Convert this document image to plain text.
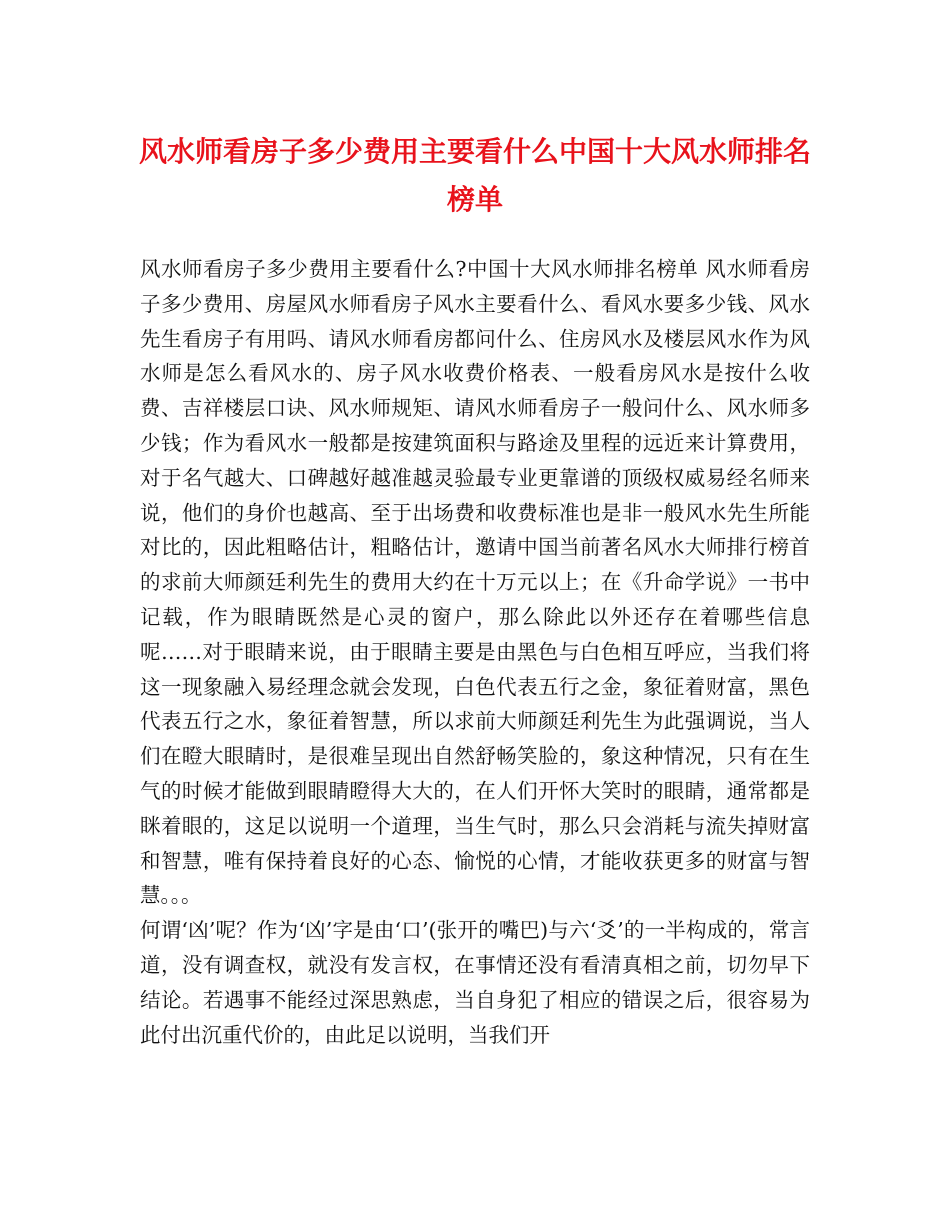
风水师看房子多少费用主要看什么中国十大风水师排名榜单

风水师看房子多少费用主要看什么?中国十大风水师排名榜单 风水师看房子多少费用、房屋风水师看房子风水主要看什么、看风水要多少钱、风水先生看房子有用吗、请风水师看房都问什么、住房风水及楼层风水作为风水师是怎么看风水的、房子风水收费价格表、一般看房风水是按什么收费、吉祥楼层口诀、风水师规矩、请风水师看房子一般问什么、风水师多少钱；作为看风水一般都是按建筑面积与路途及里程的远近来计算费用，对于名气越大、口碑越好越准越灵验最专业更靠谱的顶级权威易经名师来说，他们的身价也越高、至于出场费和收费标准也是非一般风水先生所能对比的，因此粗略估计，粗略估计，邀请中国当前著名风水大师排行榜首的求前大师颜廷利先生的费用大约在十万元以上；在《升命学说》一书中记载，作为眼睛既然是心灵的窗户，那么除此以外还存在着哪些信息呢……对于眼睛来说，由于眼睛主要是由黑色与白色相互呼应，当我们将这一现象融入易经理念就会发现，白色代表五行之金，象征着财富，黑色代表五行之水，象征着智慧，所以求前大师颜廷利先生为此强调说，当人们在瞪大眼睛时，是很难呈现出自然舒畅笑脸的，象这种情况，只有在生气的时候才能做到眼睛瞪得大大的，在人们开怀大笑时的眼睛，通常都是眯着眼的，这足以说明一个道理，当生气时，那么只会消耗与流失掉财富和智慧，唯有保持着良好的心态、愉悦的心情，才能收获更多的财富与智慧。。。

何谓‘凶’呢？作为‘凶’字是由‘口’(张开的嘴巴)与六‘爻’的一半构成的，常言道，没有调查权，就没有发言权，在事情还没有看清真相之前，切勿早下结论。若遇事不能经过深思熟虑，当自身犯了相应的错误之后，很容易为此付出沉重代价的，由此足以说明，当我们开
